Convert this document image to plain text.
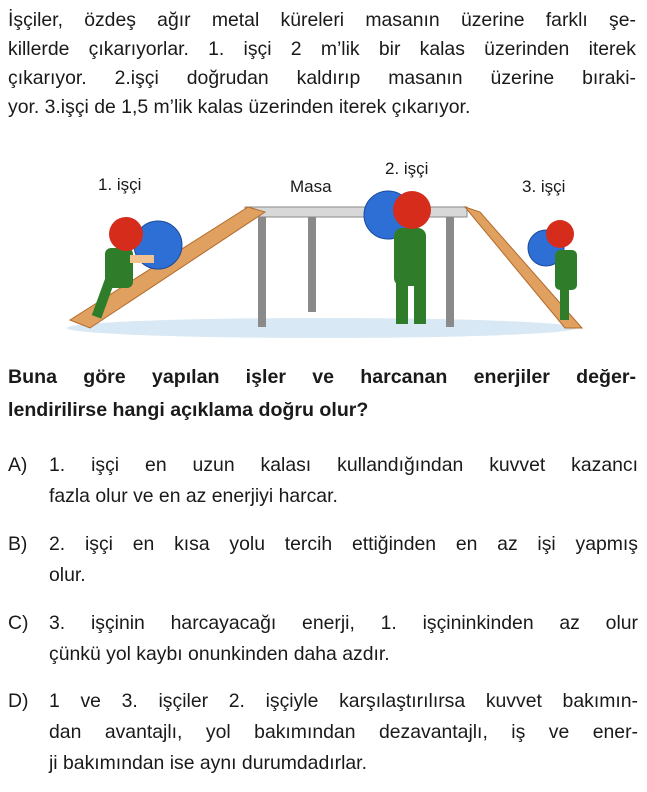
İşçiler, özdeş ağır metal küreleri masanın üzerine farklı şe-
killerde çıkarıyorlar. 1. işçi 2 m’lik bir kalas üzerinden iterek
çıkarıyor. 2.işçi doğrudan kaldırıp masanın üzerine bıraki-
yor. 3.işçi de 1,5 m’lik kalas üzerinden iterek çıkarıyor.
1. işçi	Masa
2. işçi
3. işçi
Buna göre yapılan işler ve harcanan enerjiler değer-
lendirilirse hangi açıklama doğru olur?
A) 1. işçi en uzun kalası kullandığından kuvvet kazancı
fazla olur ve en az enerjiyi harcar.
B) 2. işçi en kısa yolu tercih ettiğinden en az işi yapmış
olur.
C) 3. işçinin harcayacağı enerji, 1. işçininkinden az olur
çünkü yol kaybı onunkinden daha azdır.
D) 1 ve 3. işçiler 2. işçiyle karşılaştırılırsa kuvvet bakımın-
dan avantajlı, yol bakımından dezavantajlı, iş ve ener-
ji bakımından ise aynı durumdadırlar.
